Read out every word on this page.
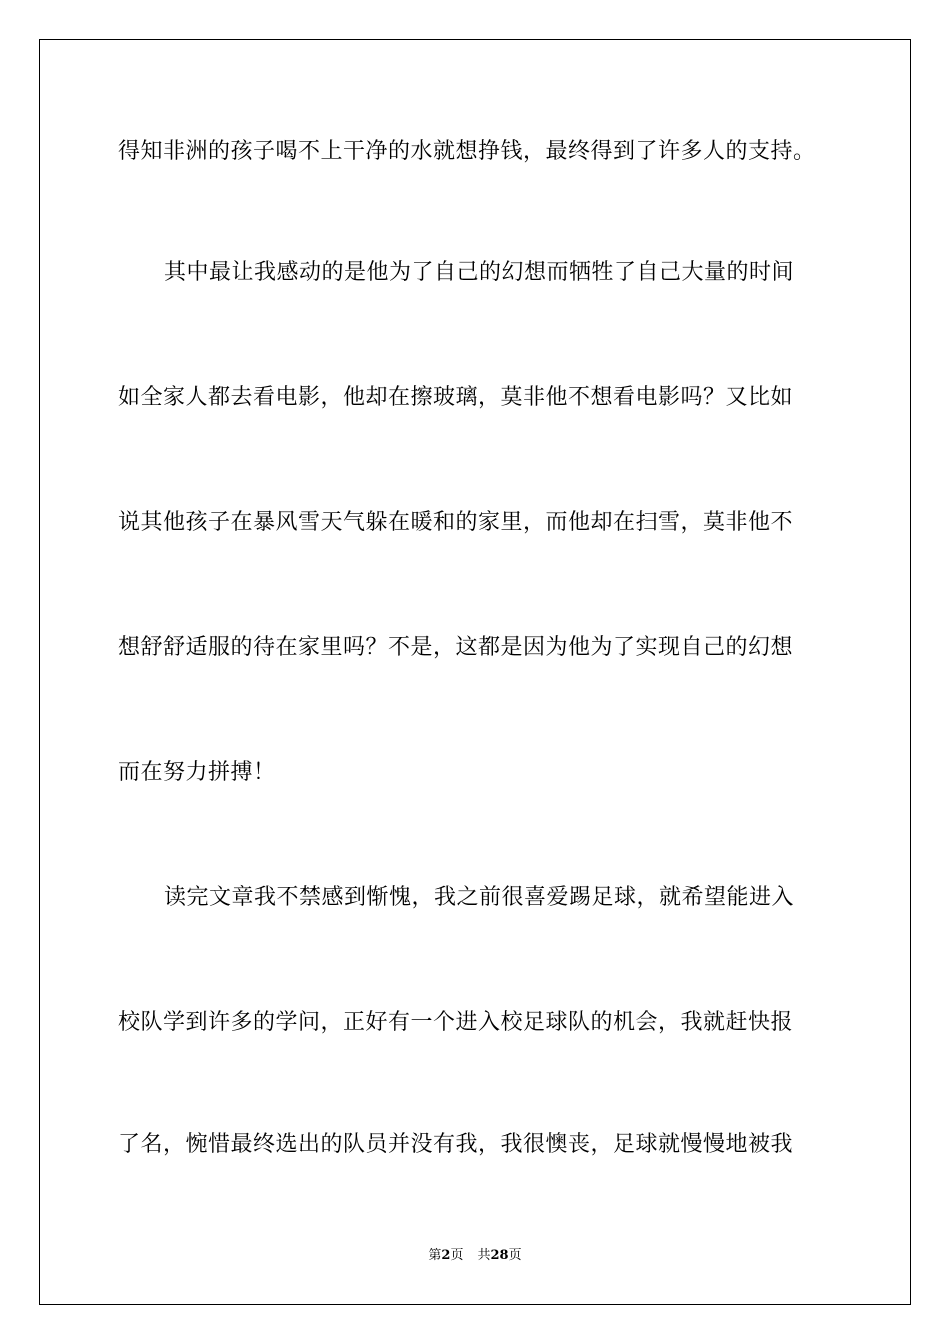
得知非洲的孩子喝不上干净的水就想挣钱，最终得到了许多人的支持。
其中最让我感动的是他为了自己的幻想而牺牲了自己大量的时间
如全家人都去看电影，他却在擦玻璃，莫非他不想看电影吗？又比如
说其他孩子在暴风雪天气躲在暖和的家里，而他却在扫雪，莫非他不
想舒舒适服的待在家里吗？不是，这都是因为他为了实现自己的幻想
而在努力拼搏！
读完文章我不禁感到惭愧，我之前很喜爱踢足球，就希望能进入
校队学到许多的学问，正好有一个进入校足球队的机会，我就赶快报
了名，惋惜最终选出的队员并没有我，我很懊丧，足球就慢慢地被我
第2页 共28页
